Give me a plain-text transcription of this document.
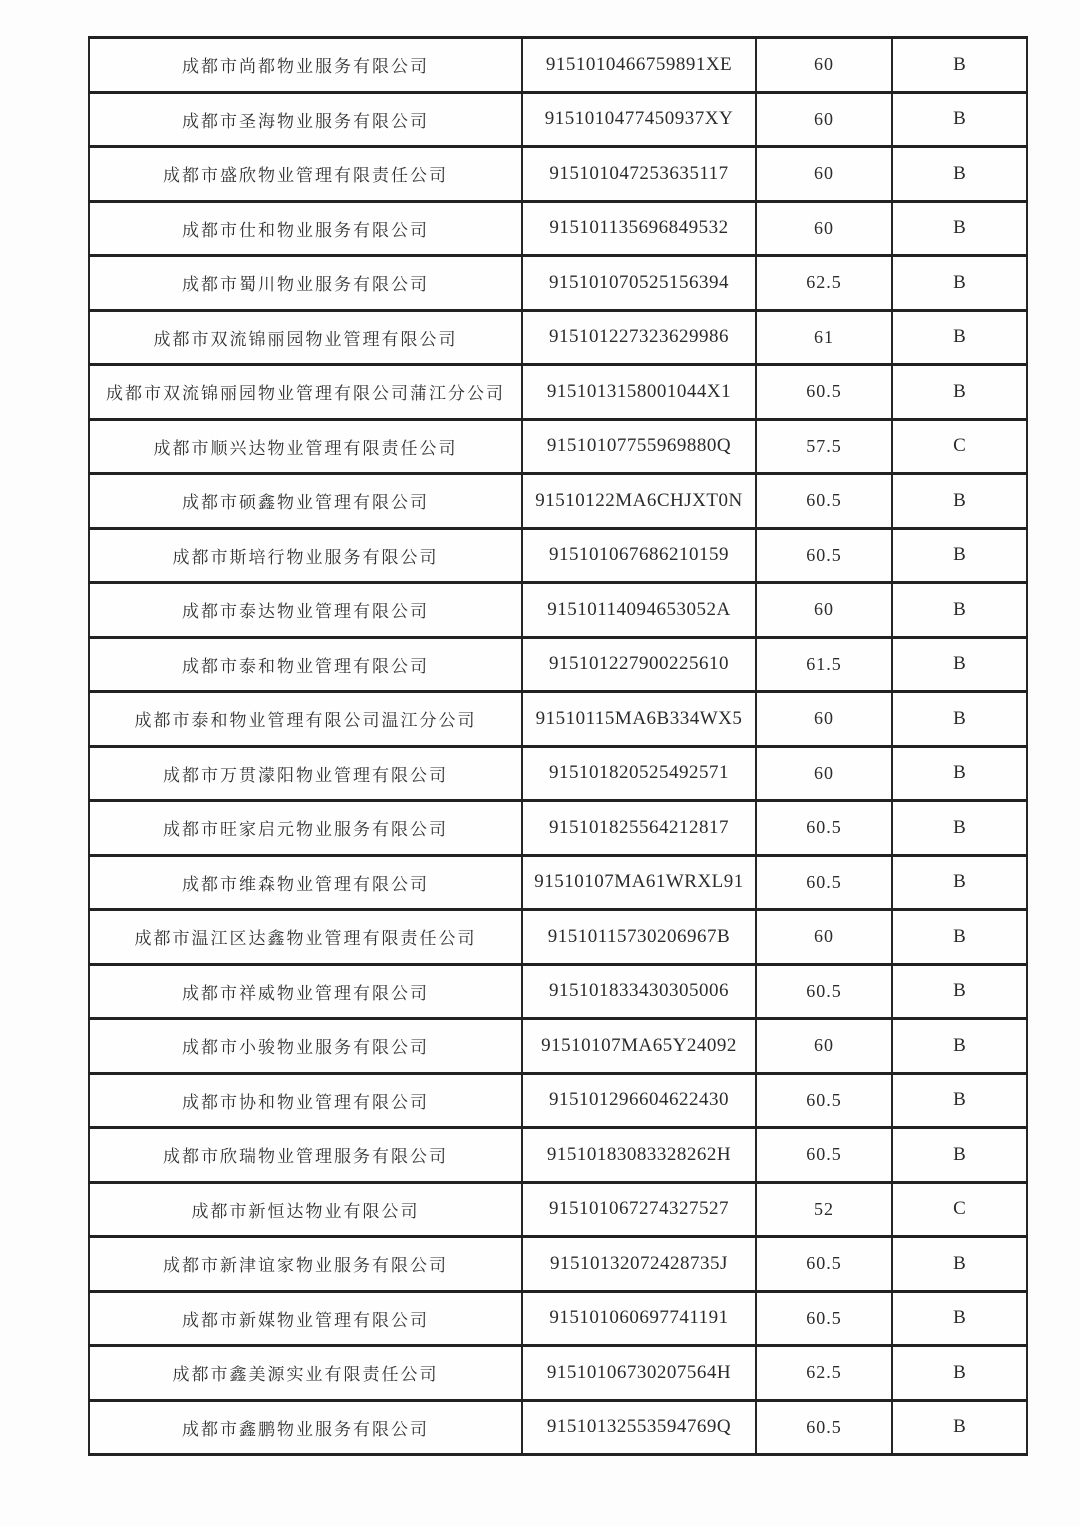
成都市尚都物业服务有限公司	9151010466759891XE	60	B
成都市圣海物业服务有限公司	9151010477450937XY	60	B
成都市盛欣物业管理有限责任公司	915101047253635117	60	B
成都市仕和物业服务有限公司	915101135696849532	60	B
成都市蜀川物业服务有限公司	915101070525156394	62.5	B
成都市双流锦丽园物业管理有限公司	915101227323629986	61	B
成都市双流锦丽园物业管理有限公司蒲江分公司	9151013158001044X1	60.5	B
成都市顺兴达物业管理有限责任公司	91510107755969880Q	57.5	C
成都市硕鑫物业管理有限公司	91510122MA6CHJXT0N	60.5	B
成都市斯培行物业服务有限公司	915101067686210159	60.5	B
成都市泰达物业管理有限公司	91510114094653052A	60	B
成都市泰和物业管理有限公司	915101227900225610	61.5	B
成都市泰和物业管理有限公司温江分公司	91510115MA6B334WX5	60	B
成都市万贯濛阳物业管理有限公司	915101820525492571	60	B
成都市旺家启元物业服务有限公司	915101825564212817	60.5	B
成都市维森物业管理有限公司	91510107MA61WRXL91	60.5	B
成都市温江区达鑫物业管理有限责任公司	91510115730206967B	60	B
成都市祥威物业管理有限公司	915101833430305006	60.5	B
成都市小骏物业服务有限公司	91510107MA65Y24092	60	B
成都市协和物业管理有限公司	915101296604622430	60.5	B
成都市欣瑞物业管理服务有限公司	91510183083328262H	60.5	B
成都市新恒达物业有限公司	915101067274327527	52	C
成都市新津谊家物业服务有限公司	91510132072428735J	60.5	B
成都市新媒物业管理有限公司	915101060697741191	60.5	B
成都市鑫美源实业有限责任公司	91510106730207564H	62.5	B
成都市鑫鹏物业服务有限公司	91510132553594769Q	60.5	B
